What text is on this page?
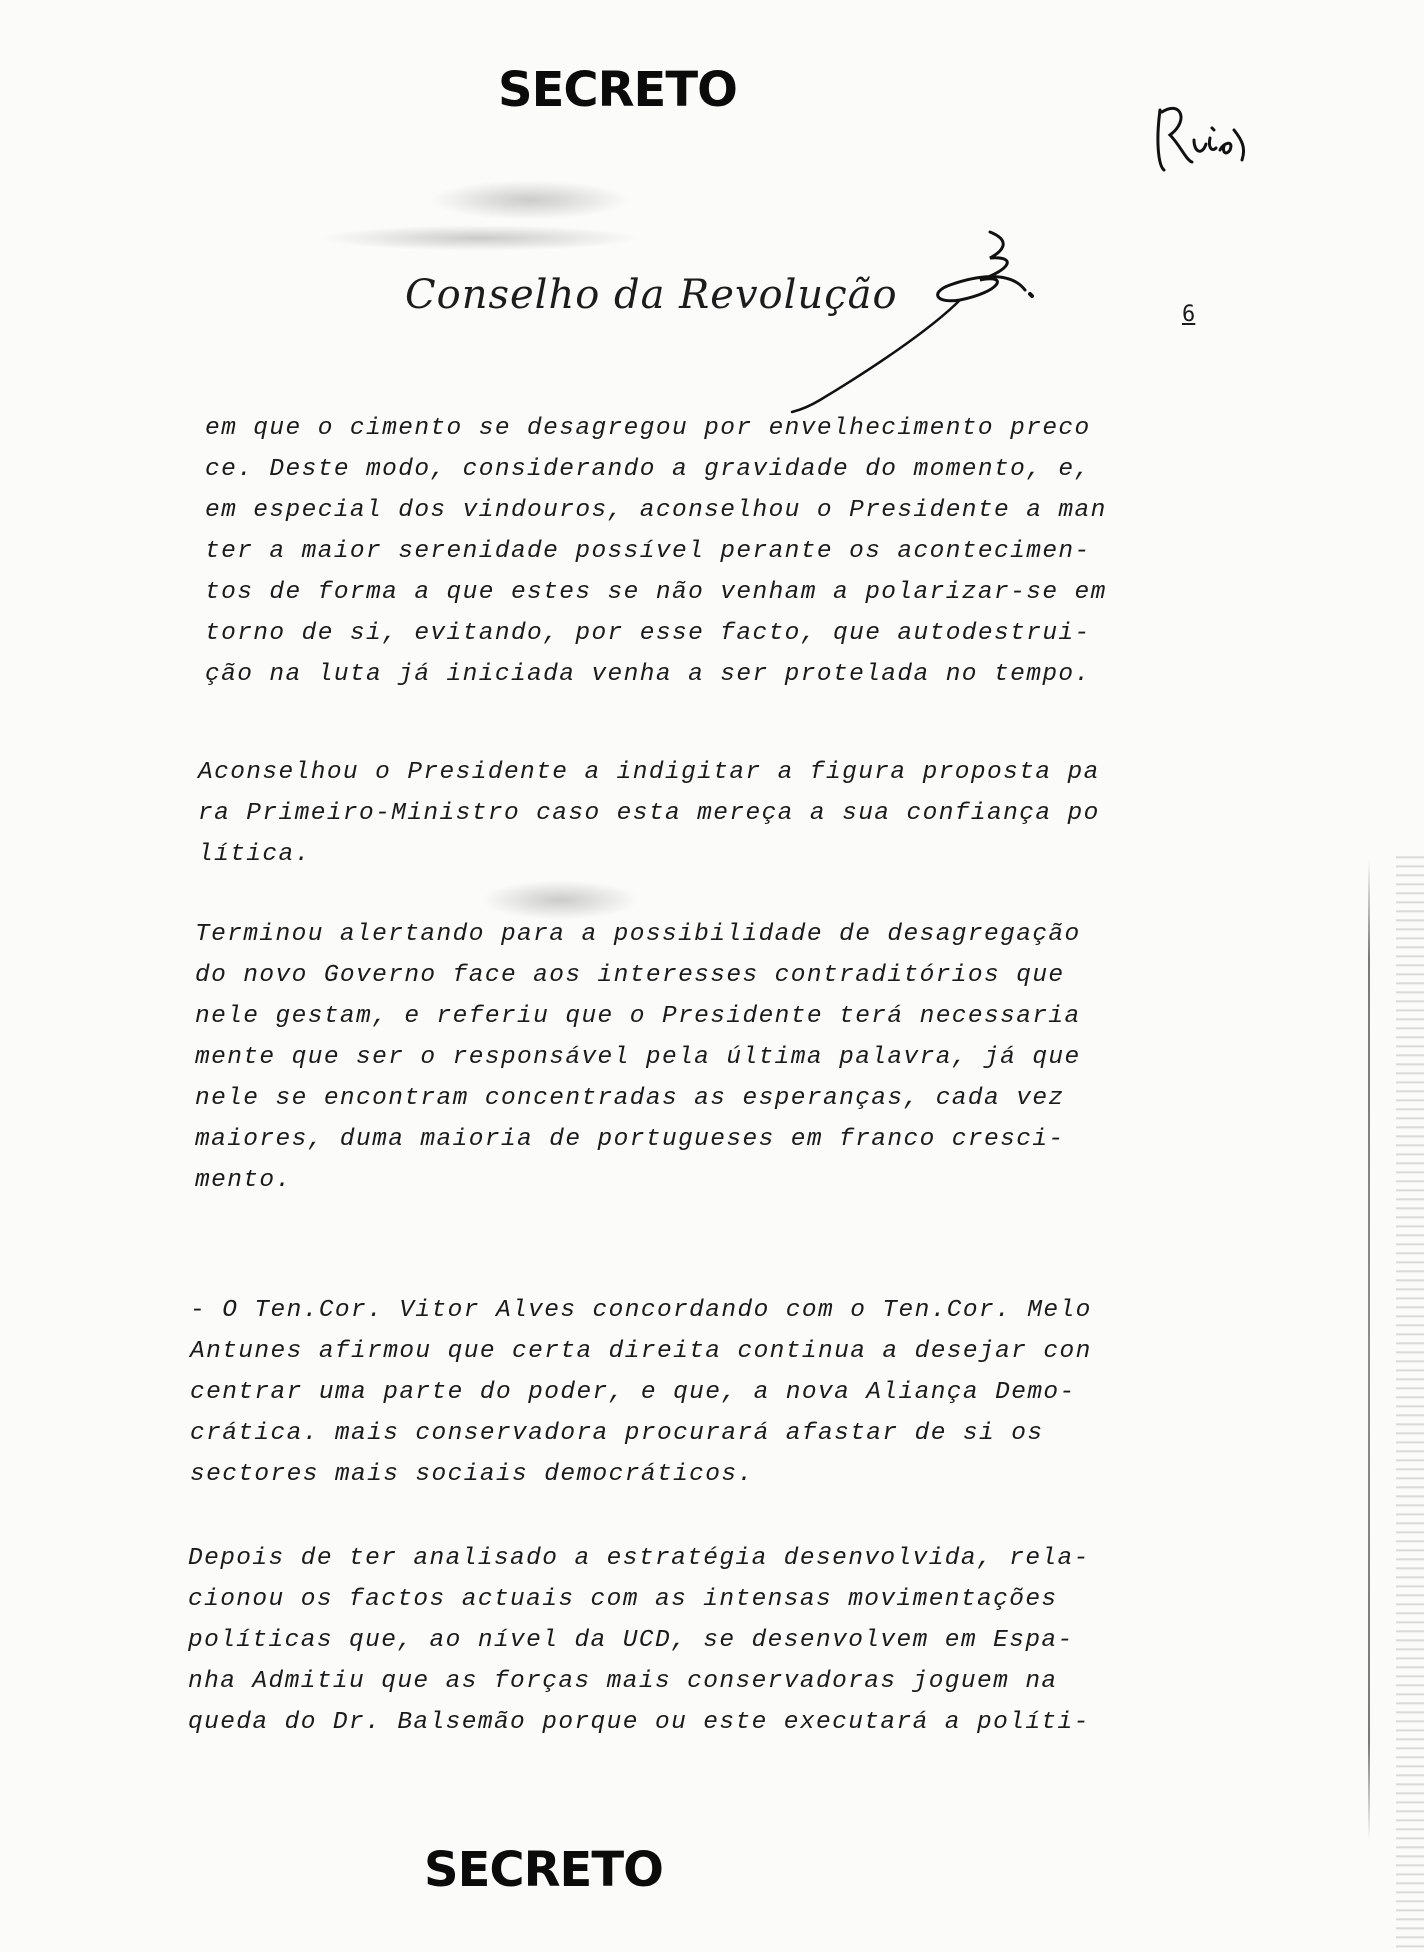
SECRETO
Conselho da Revolução	6
em que o cimento se desagregou por envelhecimento preco
ce. Deste modo, considerando a gravidade do momento, e,
em especial dos vindouros, aconselhou o Presidente a man
ter a maior serenidade possível perante os acontecimen-
tos de forma a que estes se não venham a polarizar-se em
torno de si, evitando, por esse facto, que autodestrui-
ção na luta já iniciada venha a ser protelada no tempo.
Aconselhou o Presidente a indigitar a figura proposta pa
ra Primeiro-Ministro caso esta mereça a sua confiança po
lítica.
Terminou alertando para a possibilidade de desagregação
do novo Governo face aos interesses contraditórios que
nele gestam, e referiu que o Presidente terá necessaria
mente que ser o responsável pela última palavra, já que
nele se encontram concentradas as esperanças, cada vez
maiores, duma maioria de portugueses em franco cresci-
mento.
- O Ten.Cor. Vitor Alves concordando com o Ten.Cor. Melo
Antunes afirmou que certa direita continua a desejar con
centrar uma parte do poder, e que, a nova Aliança Demo-
crática. mais conservadora procurará afastar de si os
sectores mais sociais democráticos.
Depois de ter analisado a estratégia desenvolvida, rela-
cionou os factos actuais com as intensas movimentações
políticas que, ao nível da UCD, se desenvolvem em Espa-
nha Admitiu que as forças mais conservadoras joguem na
queda do Dr. Balsemão porque ou este executará a políti-
SECRETO
